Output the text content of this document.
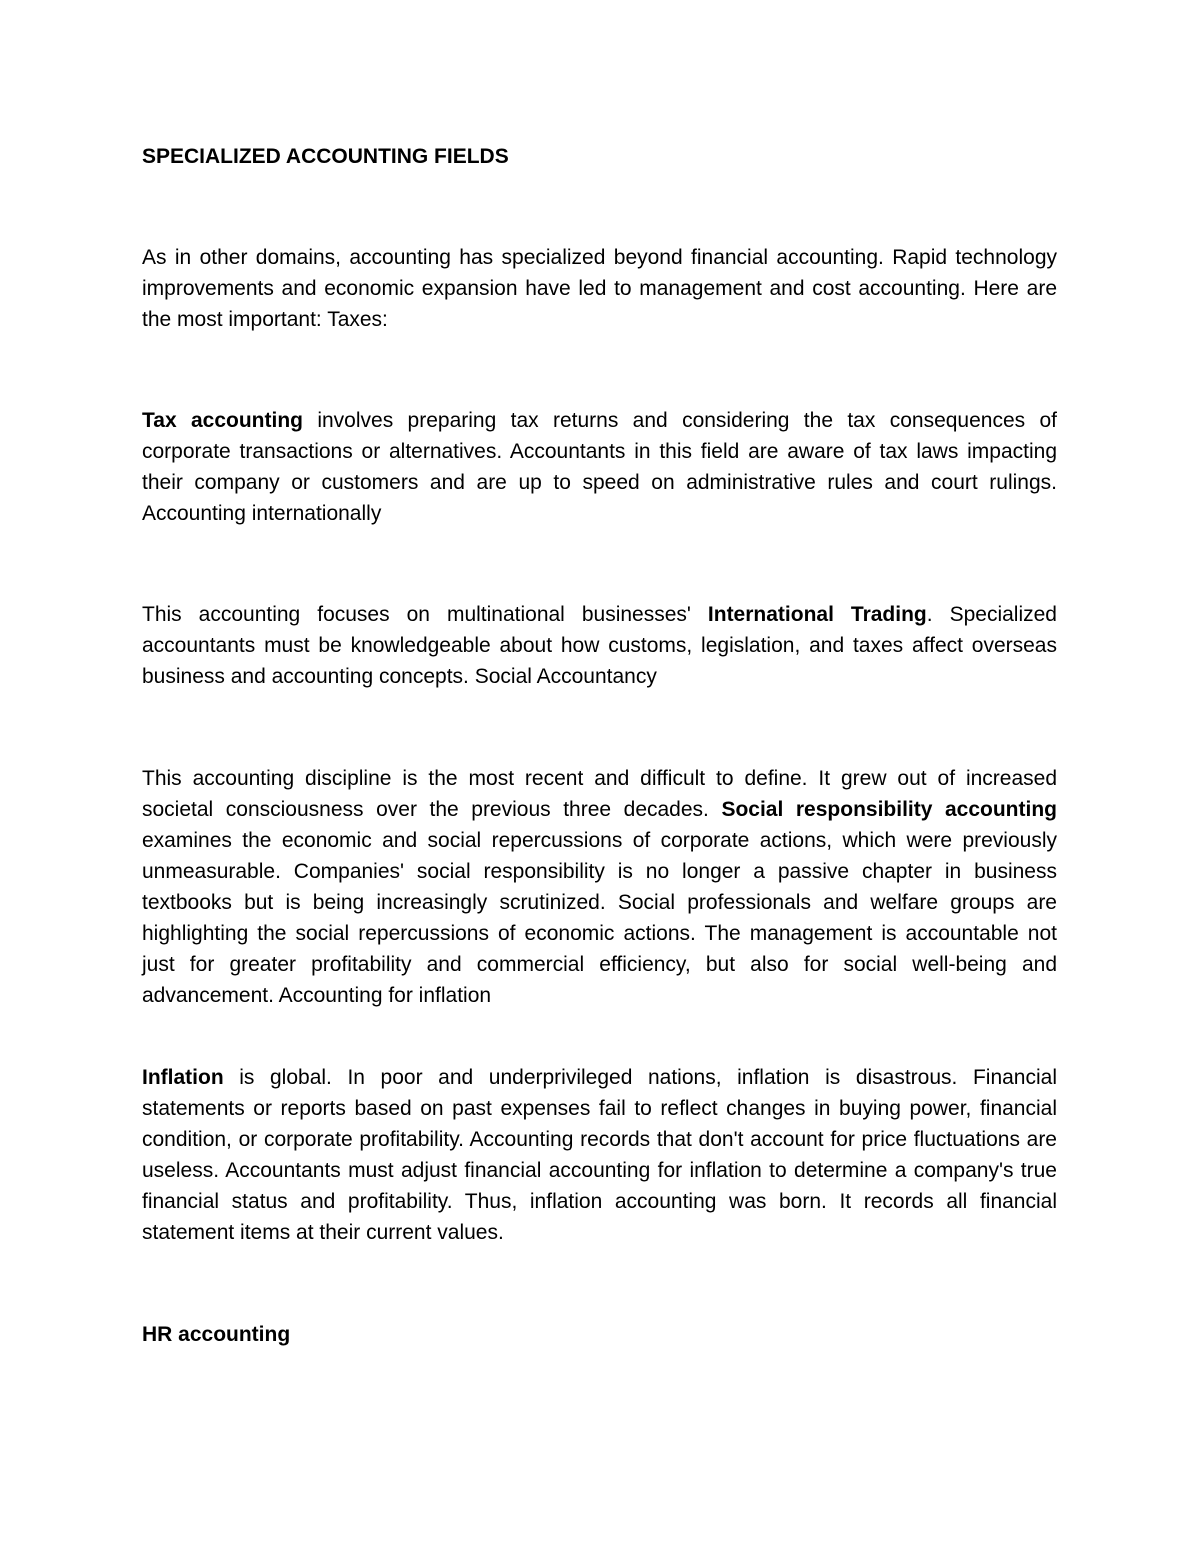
SPECIALIZED ACCOUNTING FIELDS

As in other domains, accounting has specialized beyond financial accounting. Rapid technology improvements and economic expansion have led to management and cost accounting. Here are the most important: Taxes:

Tax accounting involves preparing tax returns and considering the tax consequences of corporate transactions or alternatives. Accountants in this field are aware of tax laws impacting their company or customers and are up to speed on administrative rules and court rulings. Accounting internationally

This accounting focuses on multinational businesses' International Trading. Specialized accountants must be knowledgeable about how customs, legislation, and taxes affect overseas business and accounting concepts. Social Accountancy

This accounting discipline is the most recent and difficult to define. It grew out of increased societal consciousness over the previous three decades. Social responsibility accounting examines the economic and social repercussions of corporate actions, which were previously unmeasurable. Companies' social responsibility is no longer a passive chapter in business textbooks but is being increasingly scrutinized. Social professionals and welfare groups are highlighting the social repercussions of economic actions. The management is accountable not just for greater profitability and commercial efficiency, but also for social well-being and advancement. Accounting for inflation

Inflation is global. In poor and underprivileged nations, inflation is disastrous. Financial statements or reports based on past expenses fail to reflect changes in buying power, financial condition, or corporate profitability. Accounting records that don't account for price fluctuations are useless. Accountants must adjust financial accounting for inflation to determine a company's true financial status and profitability. Thus, inflation accounting was born. It records all financial statement items at their current values.

HR accounting
